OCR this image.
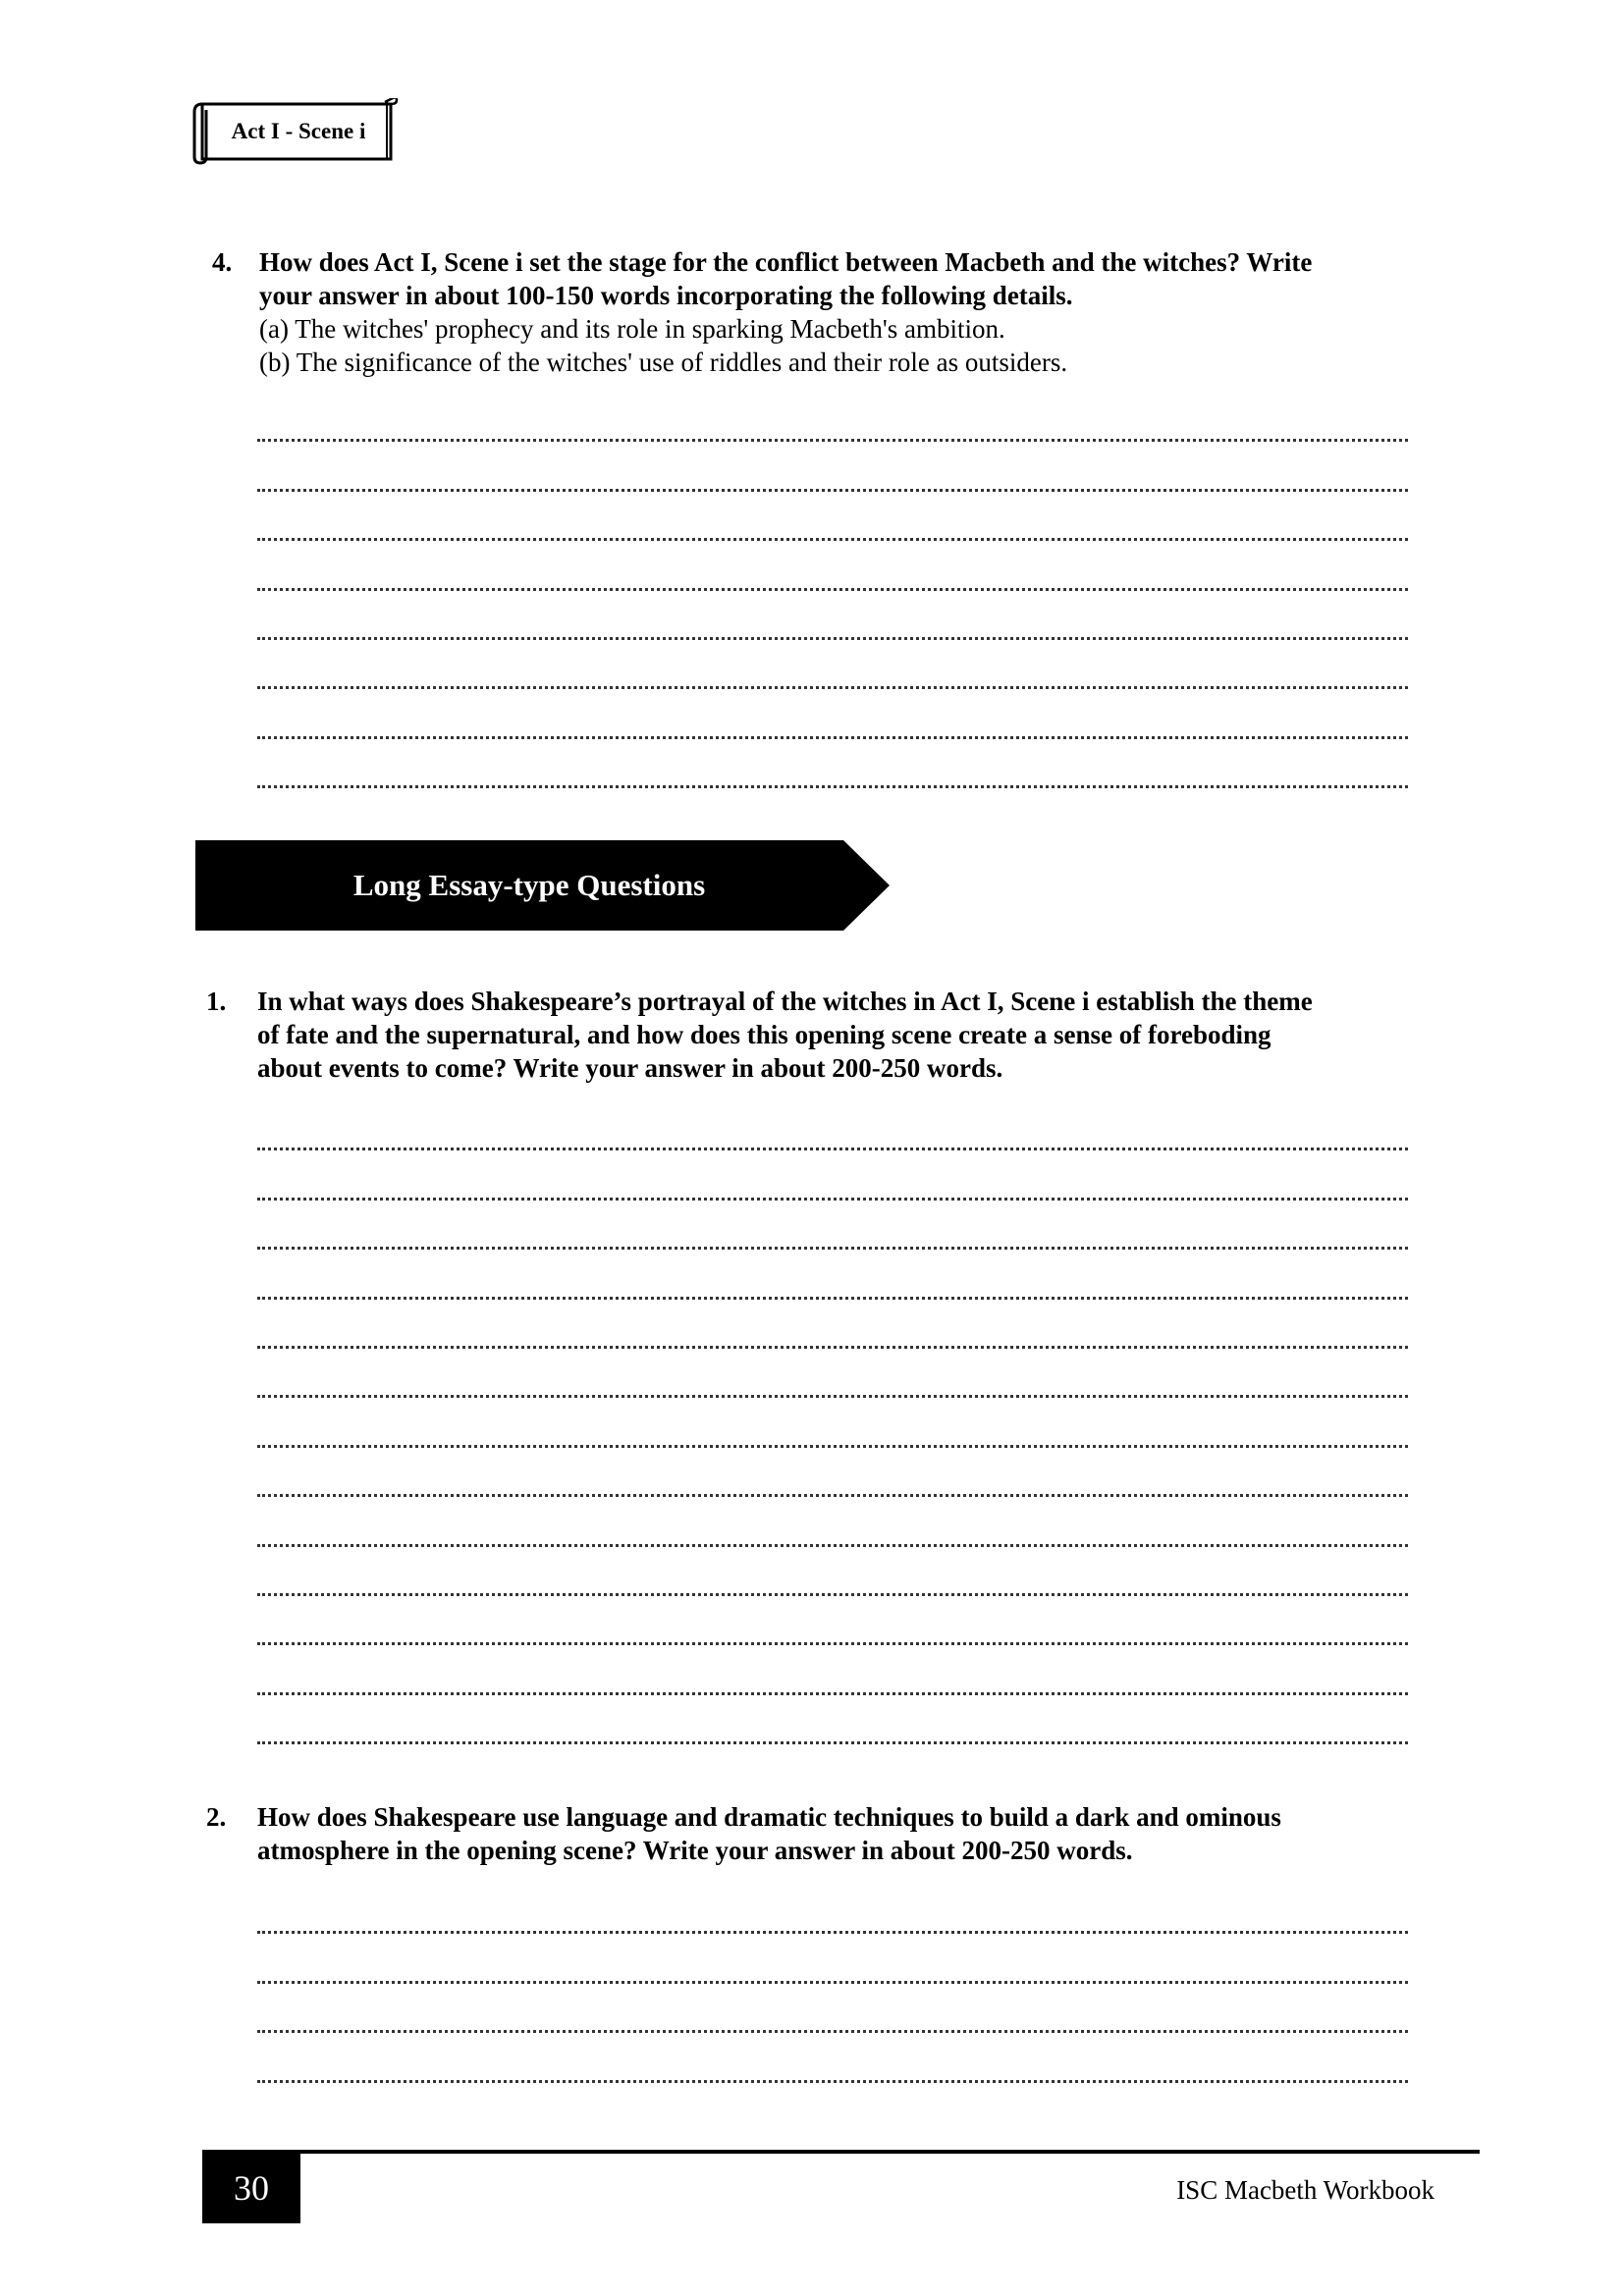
Act I - Scene i
4. How does Act I, Scene i set the stage for the conflict between Macbeth and the witches? Write
your answer in about 100-150 words incorporating the following details.
(a) The witches' prophecy and its role in sparking Macbeth's ambition.
(b) The significance of the witches' use of riddles and their role as outsiders.
Long Essay-type Questions
1. In what ways does Shakespeare’s portrayal of the witches in Act I, Scene i establish the theme
of fate and the supernatural, and how does this opening scene create a sense of foreboding
about events to come? Write your answer in about 200-250 words.
2. How does Shakespeare use language and dramatic techniques to build a dark and ominous
atmosphere in the opening scene? Write your answer in about 200-250 words.
30	ISC Macbeth Workbook
